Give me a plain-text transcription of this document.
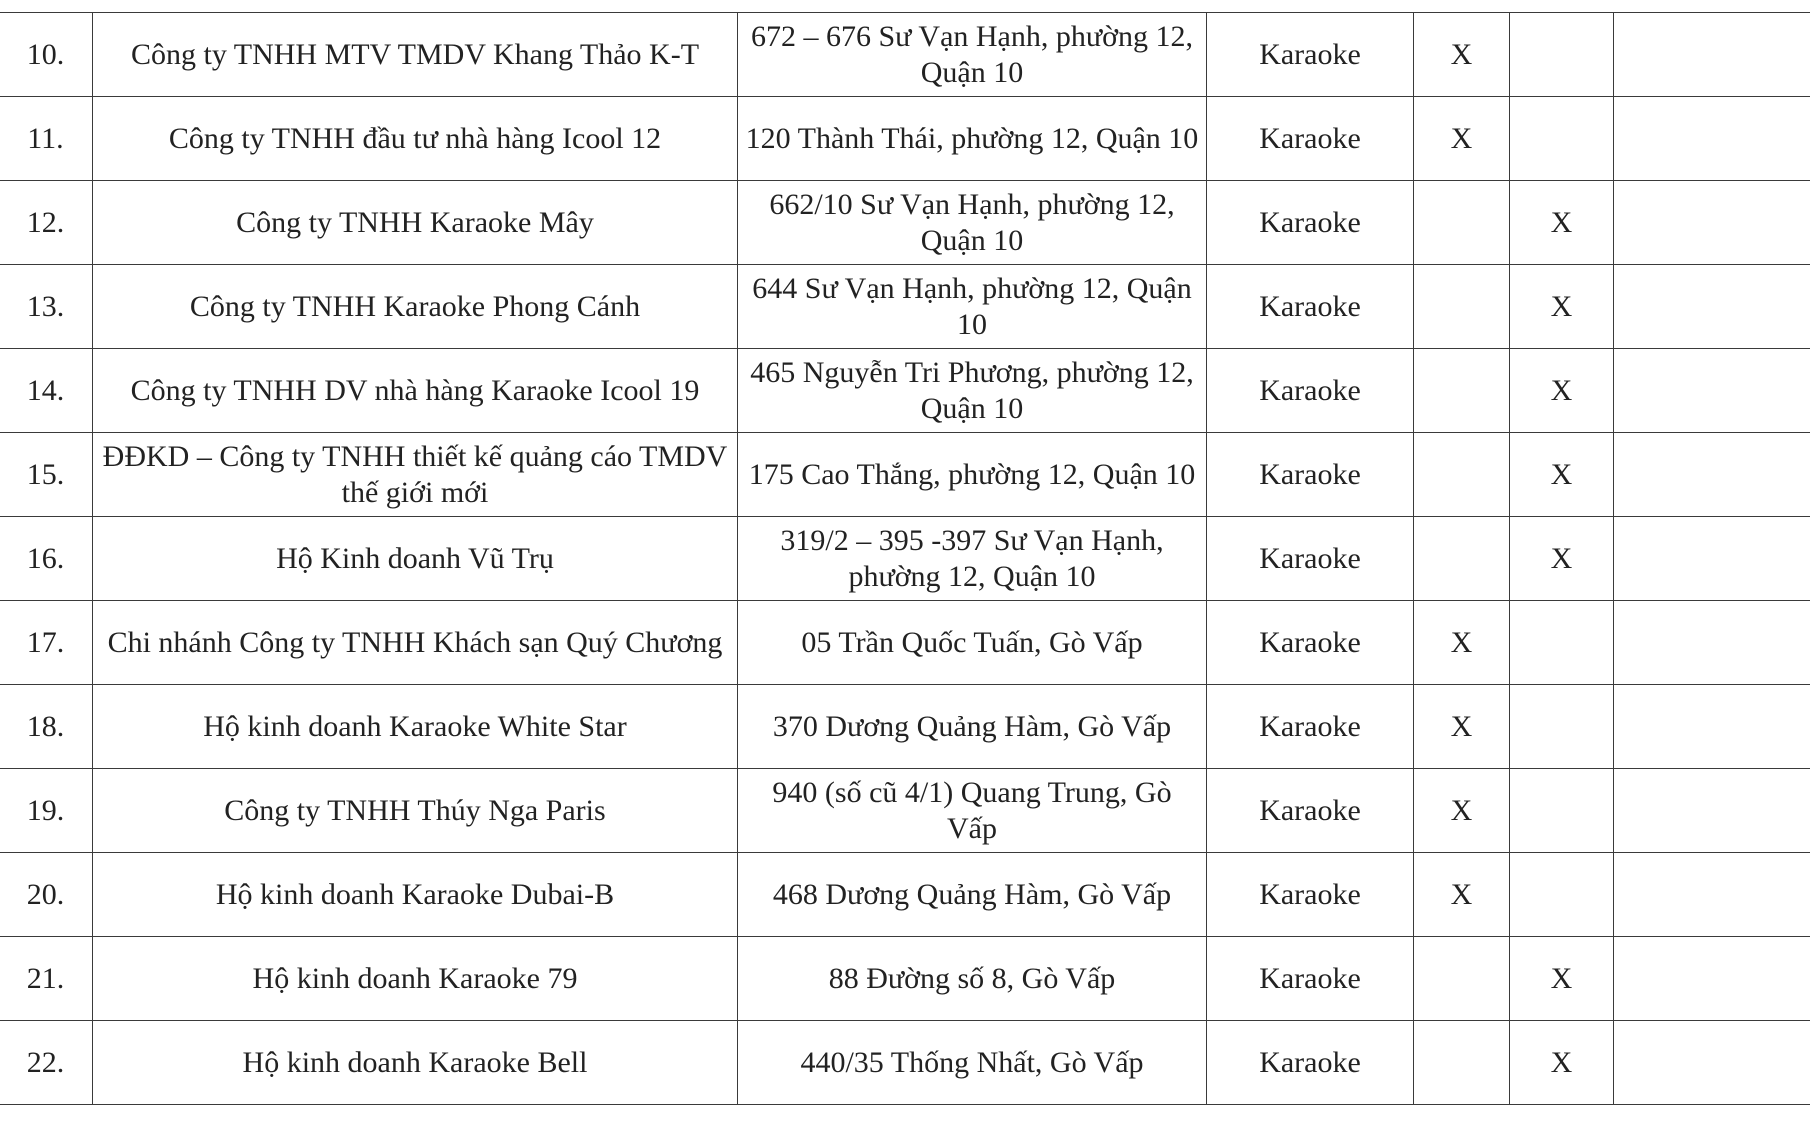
10.	Công ty TNHH MTV TMDV Khang Thảo K-T	672 – 676 Sư Vạn Hạnh, phường 12, Quận 10	Karaoke	X		
11.	Công ty TNHH đầu tư nhà hàng Icool 12	120 Thành Thái, phường 12, Quận 10	Karaoke	X		
12.	Công ty TNHH Karaoke Mây	662/10 Sư Vạn Hạnh, phường 12, Quận 10	Karaoke		X	
13.	Công ty TNHH Karaoke Phong Cánh	644 Sư Vạn Hạnh, phường 12, Quận 10	Karaoke		X	
14.	Công ty TNHH DV nhà hàng Karaoke Icool 19	465 Nguyễn Tri Phương, phường 12, Quận 10	Karaoke		X	
15.	ĐĐKD – Công ty TNHH thiết kế quảng cáo TMDV thế giới mới	175 Cao Thắng, phường 12, Quận 10	Karaoke		X	
16.	Hộ Kinh doanh Vũ Trụ	319/2 – 395 -397 Sư Vạn Hạnh, phường 12, Quận 10	Karaoke		X	
17.	Chi nhánh Công ty TNHH Khách sạn Quý Chương	05 Trần Quốc Tuấn, Gò Vấp	Karaoke	X		
18.	Hộ kinh doanh Karaoke White Star	370 Dương Quảng Hàm, Gò Vấp	Karaoke	X		
19.	Công ty TNHH Thúy Nga Paris	940 (số cũ 4/1) Quang Trung, Gò Vấp	Karaoke	X		
20.	Hộ kinh doanh Karaoke Dubai-B	468 Dương Quảng Hàm, Gò Vấp	Karaoke	X		
21.	Hộ kinh doanh Karaoke 79	88 Đường số 8, Gò Vấp	Karaoke		X	
22.	Hộ kinh doanh Karaoke Bell	440/35 Thống Nhất, Gò Vấp	Karaoke		X	
